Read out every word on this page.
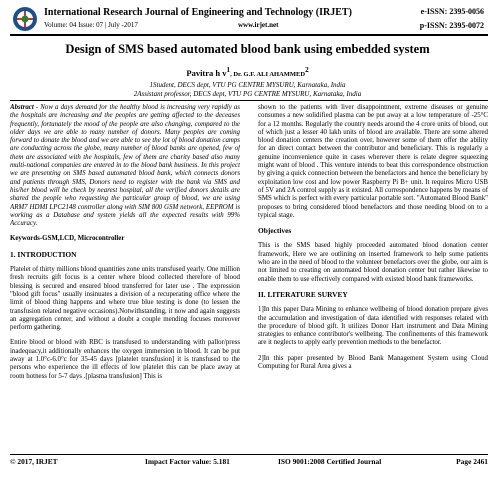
International Research Journal of Engineering and Technology (IRJET)
Volume: 04 Issue: 07 | July -2017	www.irjet.net
e-ISSN: 2395-0056
p-ISSN: 2395-0072
Design of SMS based automated blood bank using embedded system
Pavitra h $v^1$, Dr. G.F. ALI AHAMMED$^2$
1Student, DECS dept, VTU PG CENTRE MYSURU, Karnataka, India
2Assistant professor, DECS dept, VTU PG CENTRE MYSURU, Karnataka, India

Abstract - Now a days demand for the healthy blood is increasing very rapidly as the hospitals are increasing and the peoples are getting affected to the deceases frequently, fortunately the mood of the people are also changing, compared to the older days we are able to many number of donors. Many peoples are coming forward to donate the blood and we are able to see the lot of blood donation camps are conducting across the globe, many number of blood banks are opened, few of them are associated with the hospitals, few of them are charity based also many multi-national companies are entered in to the blood bank business. In this project we are presenting on SMS based automated blood bank, which connects donors and patients through SMS, Donors need to register with the bank via SMS and his/her blood will be check by nearest hospital, all the verified donors details are shared the people who requesting the particular group of blood, we are using ARM7 HDMI LPC2148 controller along with SIM 800 GSM network, EEPROM is working as a Database and system yields all the expected results with 99% Accuracy.

Keywords-GSM,LCD, Microcontroller

1. INTRODUCTION

Platelet of thirty millions blood quantities zone units transfused yearly. One million fresh recruits gift focus is a center where blood collected therefore of blood blessing is secured and ensured blood transferred for later use . The expression "blood gift focus" usually insinuates a division of a recuperating office where the limit of blood thing happens and where true blue testing is done (to lessen the transfusion related negative occasions).Notwithstanding, it now and again suggests an aggregation center, and without a doubt a couple mending focuses moreover perform gathering.

Entire blood or blood with RBC is transfused to understanding with pallor/press inadequacy,it additionally enhances the oxygen immersion in blood. It can be put away at 1.0°c-6.0°c for 35-45 days [platelet transfusion] it is transfused to the persons who experience the ill effects of low platelet this can be place away at room hotness for 5-7 days .[plasma transfusion] This is

shown to the patients with liver disappointment, extreme diseases or genuine consumes a new solidified plasma can be put away at a low temperature of -25°C for a 12 months. Regularly the country needs around the 4 crore units of blood, out of which just a lesser 40 lakh units of blood are available. There are some altered blood donation centers the creation over, however some of them offer the ability for an direct contact between the contributor and beneficiary. This is regularly a genuine inconvenience quite in cases wherever there is relate degree squeezing might want of blood . This venture intends to beat this correspondence obstruction by giving a quick connection between the benefactors and hence the beneficiary by exploitation low cost and low power Raspberry Pi B+ unit. It requires Micro USB of 5V and 2A control supply as it existed. All correspondence happens by means of SMS which is perfect with every particular portable sort. "Automated Blood Bank" proposes to bring considered blood benefactors and those needing blood on to a typical stage.

Objectives

This is the SMS based highly proceeded automated blood donation center framework, Here we are outlining on inserted framework to help some patients who are in the need of blood to the volunteer benefactors over the globe, our aim is not limited to creating on automated blood donation center but rather likewise to enable them to use effectively compared with existed blood bank frameworks.

II. LITERATURE SURVEY

1]In this paper Data Mining to enhance wellbeing of blood donation prepare gives the accumulation and investigation of data identified with responses related with the procedure of blood gift. It utilizes Donor Hart instrument and Data Mining strategies to enhance contributor's wellbeing. The confinements of this framework are it neglects to apply early prevention methods to the benefactor.

2]In this paper presented by Blood Bank Management System using Cloud Computing for Rural Area gives a

© 2017, IRJET	Impact Factor value: 5.181	ISO 9001:2008 Certified Journal	Page 2461
